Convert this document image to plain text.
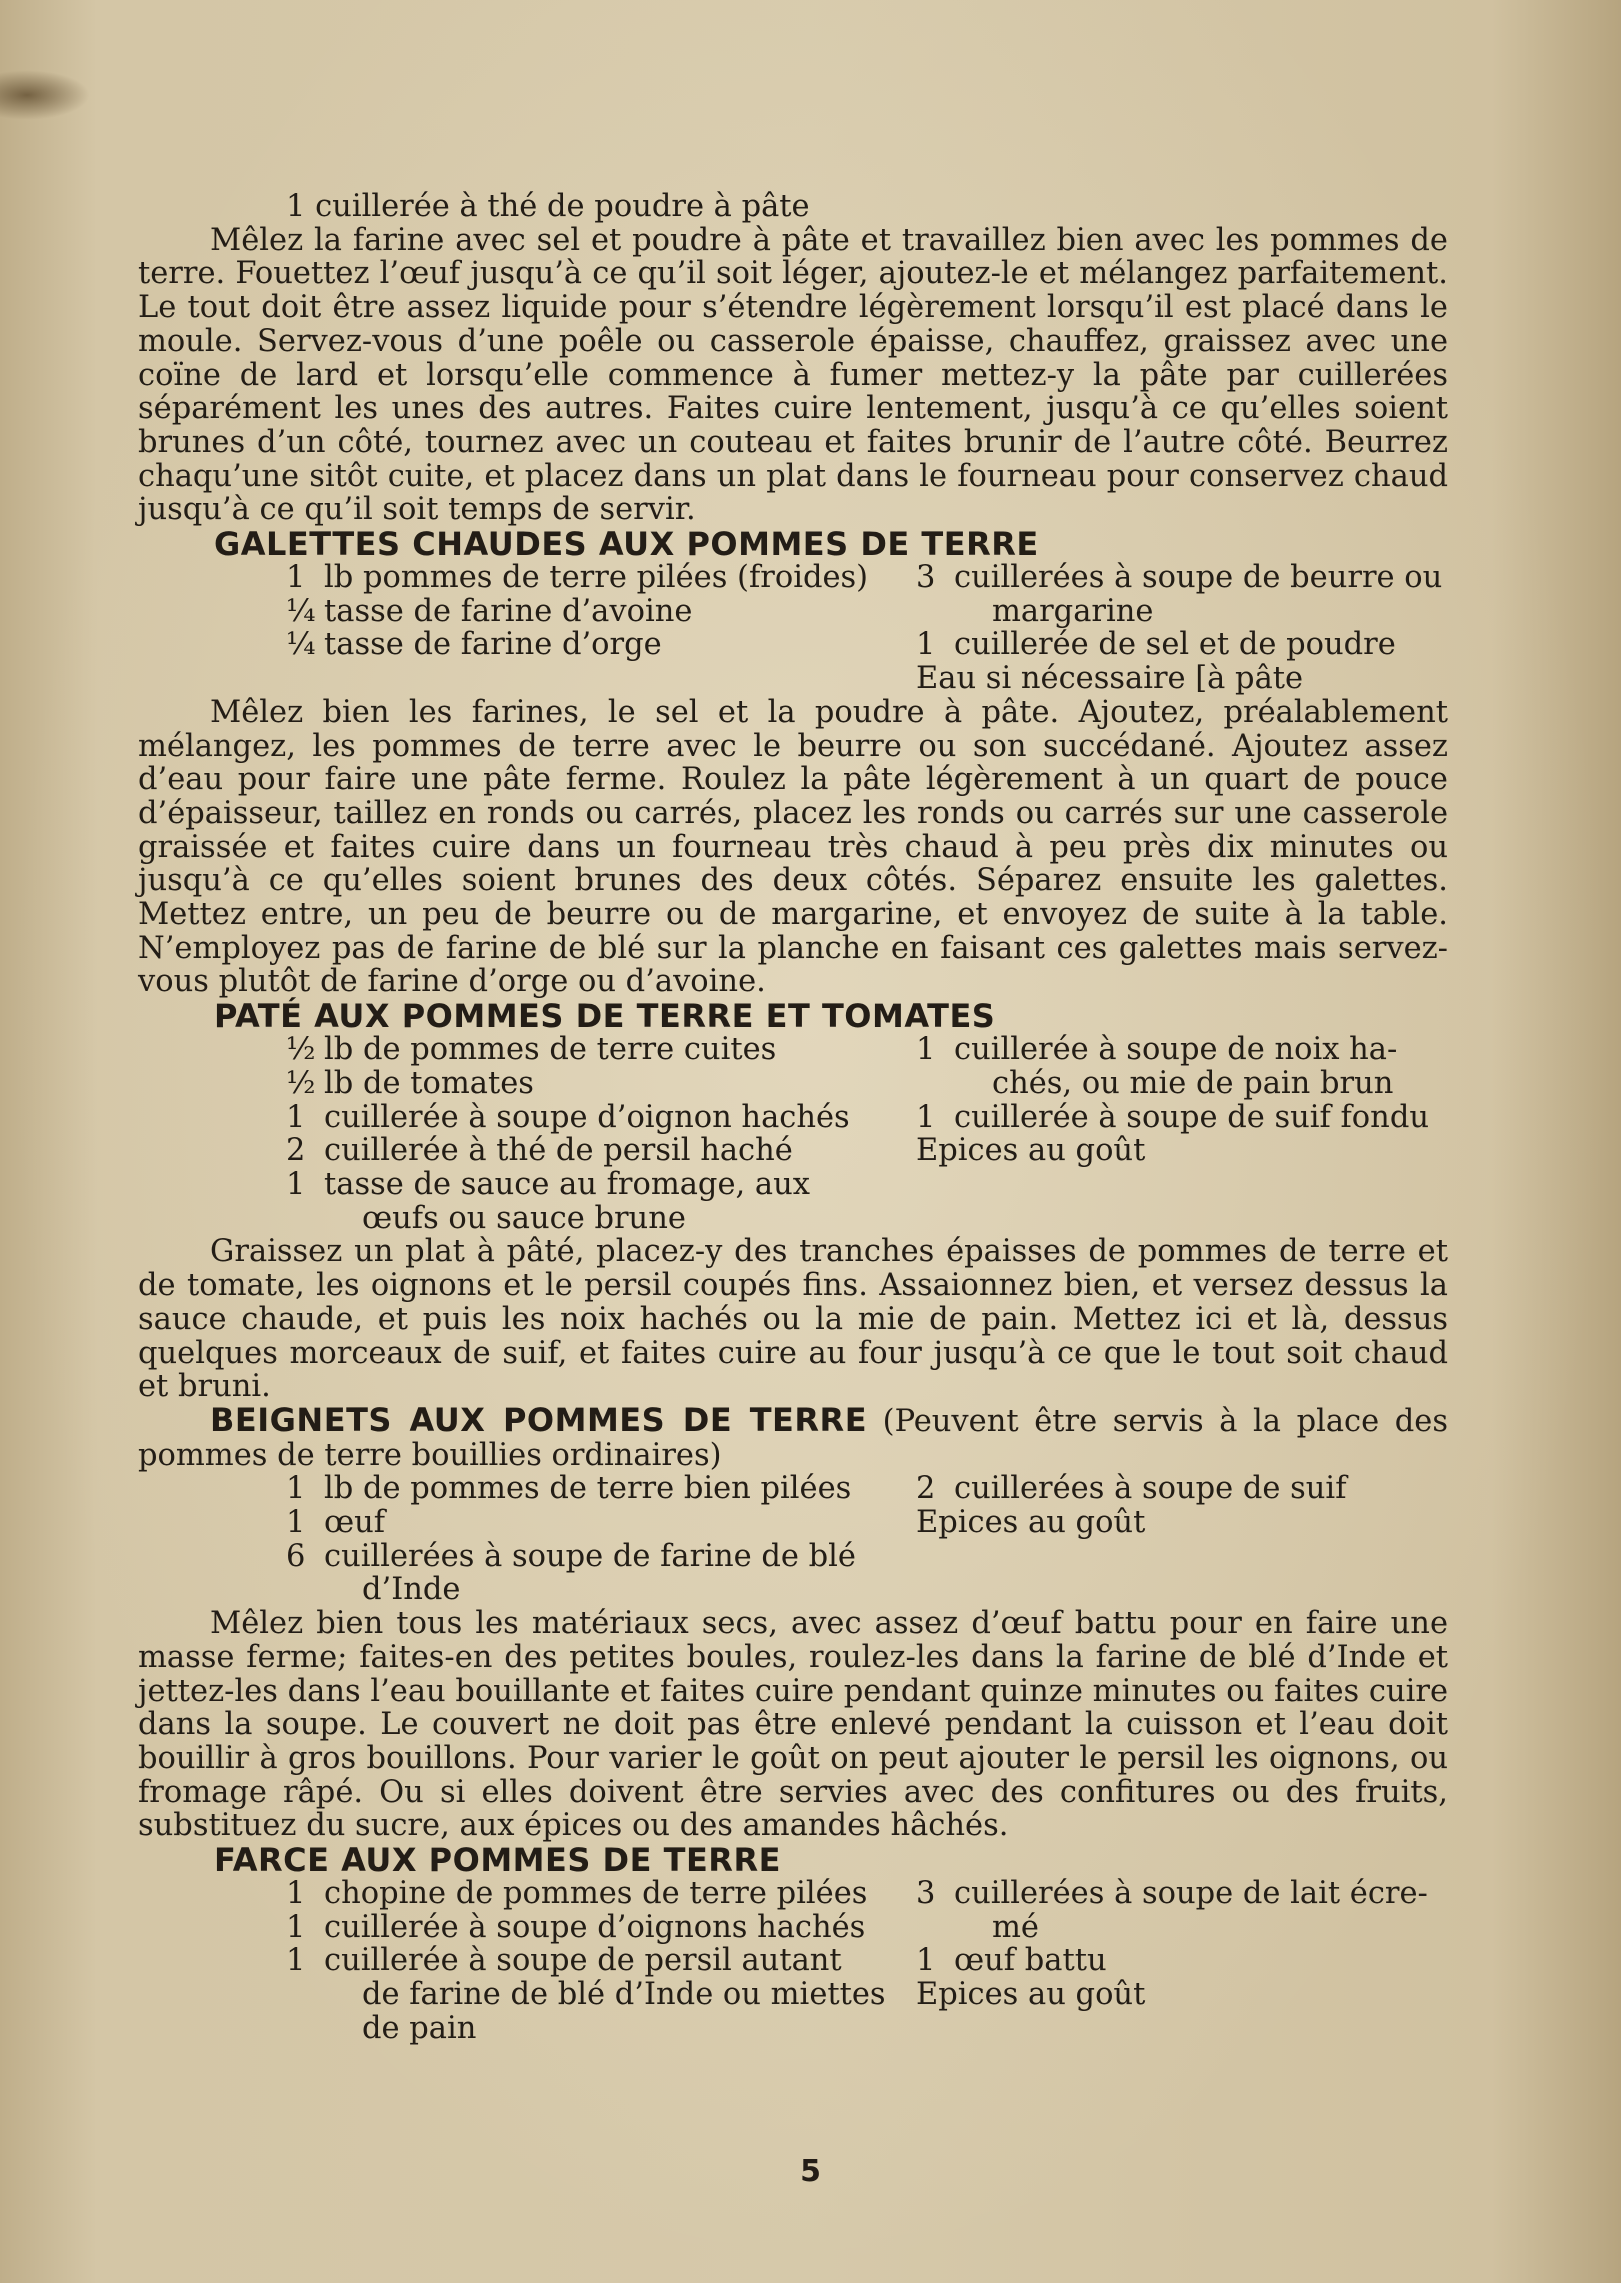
1 cuillerée à thé de poudre à pâte

Mêlez la farine avec sel et poudre à pâte et travaillez bien avec les pommes de terre. Fouettez l’œuf jusqu’à ce qu’il soit léger, ajoutez-le et mélangez parfaitement. Le tout doit être assez liquide pour s’étendre légèrement lorsqu’il est placé dans le moule. Servez-vous d’une poêle ou casserole épaisse, chauffez, graissez avec une coïne de lard et lorsqu’elle commence à fumer mettez-y la pâte par cuillerées séparément les unes des autres. Faites cuire lentement, jusqu’à ce qu’elles soient brunes d’un côté, tournez avec un couteau et faites brunir de l’autre côté. Beurrez chaqu’une sitôt cuite, et placez dans un plat dans le fourneau pour conservez chaud jusqu’à ce qu’il soit temps de servir.

GALETTES CHAUDES AUX POMMES DE TERRE
1 lb pommes de terre pilées (froides)
¼ tasse de farine d’avoine
¼ tasse de farine d’orge
3 cuillerées à soupe de beurre ou
margarine
1 cuillerée de sel et de poudre
Eau si nécessaire [à pâte

Mêlez bien les farines, le sel et la poudre à pâte. Ajoutez, préalablement mélangez, les pommes de terre avec le beurre ou son succédané. Ajoutez assez d’eau pour faire une pâte ferme. Roulez la pâte légèrement à un quart de pouce d’épaisseur, taillez en ronds ou carrés, placez les ronds ou carrés sur une casserole graissée et faites cuire dans un fourneau très chaud à peu près dix minutes ou jusqu’à ce qu’elles soient brunes des deux côtés. Séparez ensuite les galettes. Mettez entre, un peu de beurre ou de margarine, et envoyez de suite à la table. N’employez pas de farine de blé sur la planche en faisant ces galettes mais servez-vous plutôt de farine d’orge ou d’avoine.

PATÉ AUX POMMES DE TERRE ET TOMATES
½ lb de pommes de terre cuites
½ lb de tomates
1 cuillerée à soupe d’oignon hachés
2 cuillerée à thé de persil haché
1 tasse de sauce au fromage, aux
œufs ou sauce brune
1 cuillerée à soupe de noix ha-
chés, ou mie de pain brun
1 cuillerée à soupe de suif fondu
Epices au goût

Graissez un plat à pâté, placez-y des tranches épaisses de pommes de terre et de tomate, les oignons et le persil coupés fins. Assaionnez bien, et versez dessus la sauce chaude, et puis les noix hachés ou la mie de pain. Mettez ici et là, dessus quelques morceaux de suif, et faites cuire au four jusqu’à ce que le tout soit chaud et bruni.

BEIGNETS AUX POMMES DE TERRE (Peuvent être servis à la place des pommes de terre bouillies ordinaires)

1 lb de pommes de terre bien pilées
1 œuf
6 cuillerées à soupe de farine de blé
d’Inde
2 cuillerées à soupe de suif
Epices au goût

Mêlez bien tous les matériaux secs, avec assez d’œuf battu pour en faire une masse ferme; faites-en des petites boules, roulez-les dans la farine de blé d’Inde et jettez-les dans l’eau bouillante et faites cuire pendant quinze minutes ou faites cuire dans la soupe. Le couvert ne doit pas être enlevé pendant la cuisson et l’eau doit bouillir à gros bouillons. Pour varier le goût on peut ajouter le persil les oignons, ou fromage râpé. Ou si elles doivent être servies avec des confitures ou des fruits, substituez du sucre, aux épices ou des amandes hâchés.

FARCE AUX POMMES DE TERRE
1 chopine de pommes de terre pilées
1 cuillerée à soupe d’oignons hachés
1 cuillerée à soupe de persil autant
de farine de blé d’Inde ou miettes de pain
3 cuillerées à soupe de lait écre-
mé
1 œuf battu
Epices au goût
5
